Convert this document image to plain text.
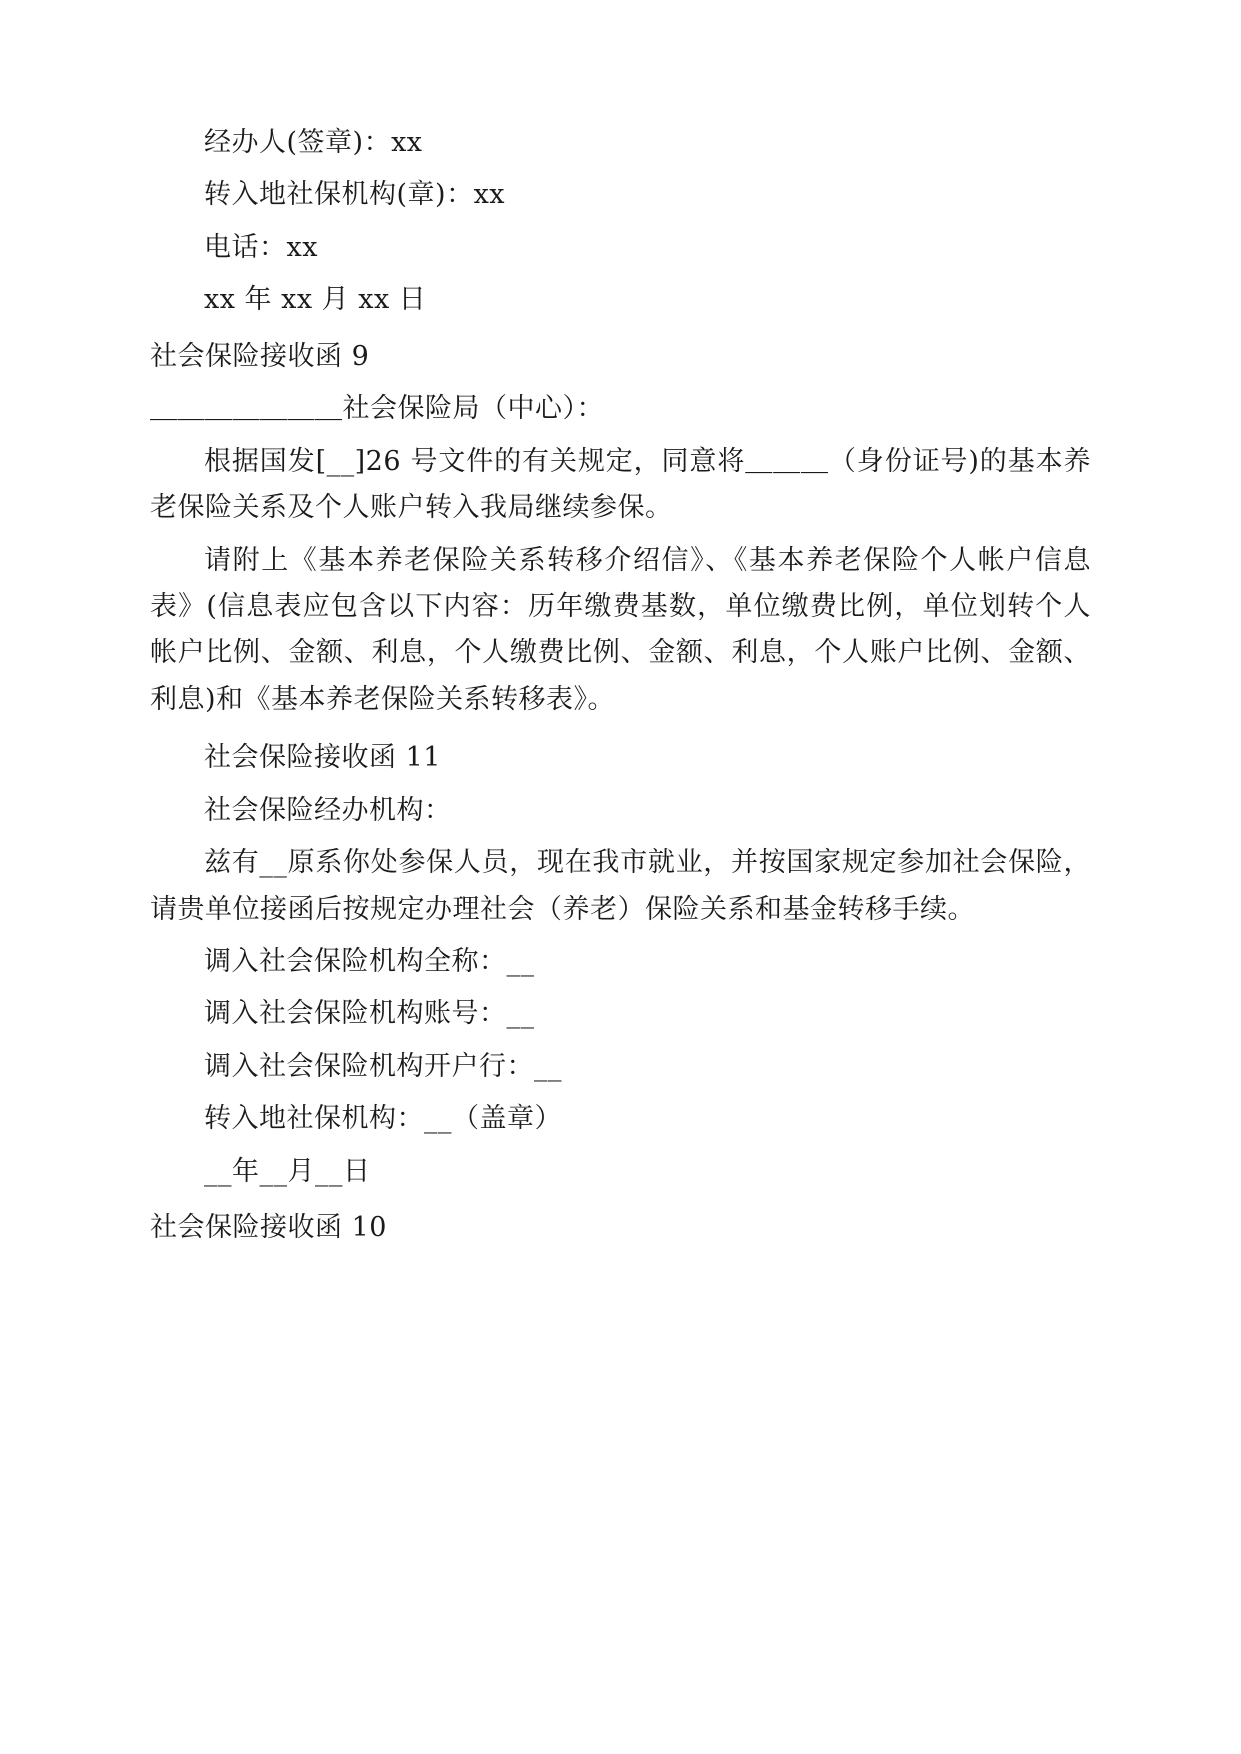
经办人(签章)：xx

转入地社保机构(章)：xx

电话：xx

xx 年 xx 月 xx 日

社会保险接收函 9

＿＿＿＿＿＿＿社会保险局（中心）：

根据国发[__]26 号文件的有关规定，同意将＿＿＿（身份证号)的基本养老保险关系及个人账户转入我局继续参保。

请附上《基本养老保险关系转移介绍信》、《基本养老保险个人帐户信息表》(信息表应包含以下内容：历年缴费基数，单位缴费比例，单位划转个人帐户比例、金额、利息，个人缴费比例、金额、利息，个人账户比例、金额、利息)和《基本养老保险关系转移表》。

社会保险接收函 11

社会保险经办机构：

兹有__原系你处参保人员，现在我市就业，并按国家规定参加社会保险，请贵单位接函后按规定办理社会（养老）保险关系和基金转移手续。

调入社会保险机构全称：__

调入社会保险机构账号：__

调入社会保险机构开户行：__

转入地社保机构：__（盖章）

__年__月__日

社会保险接收函 10
